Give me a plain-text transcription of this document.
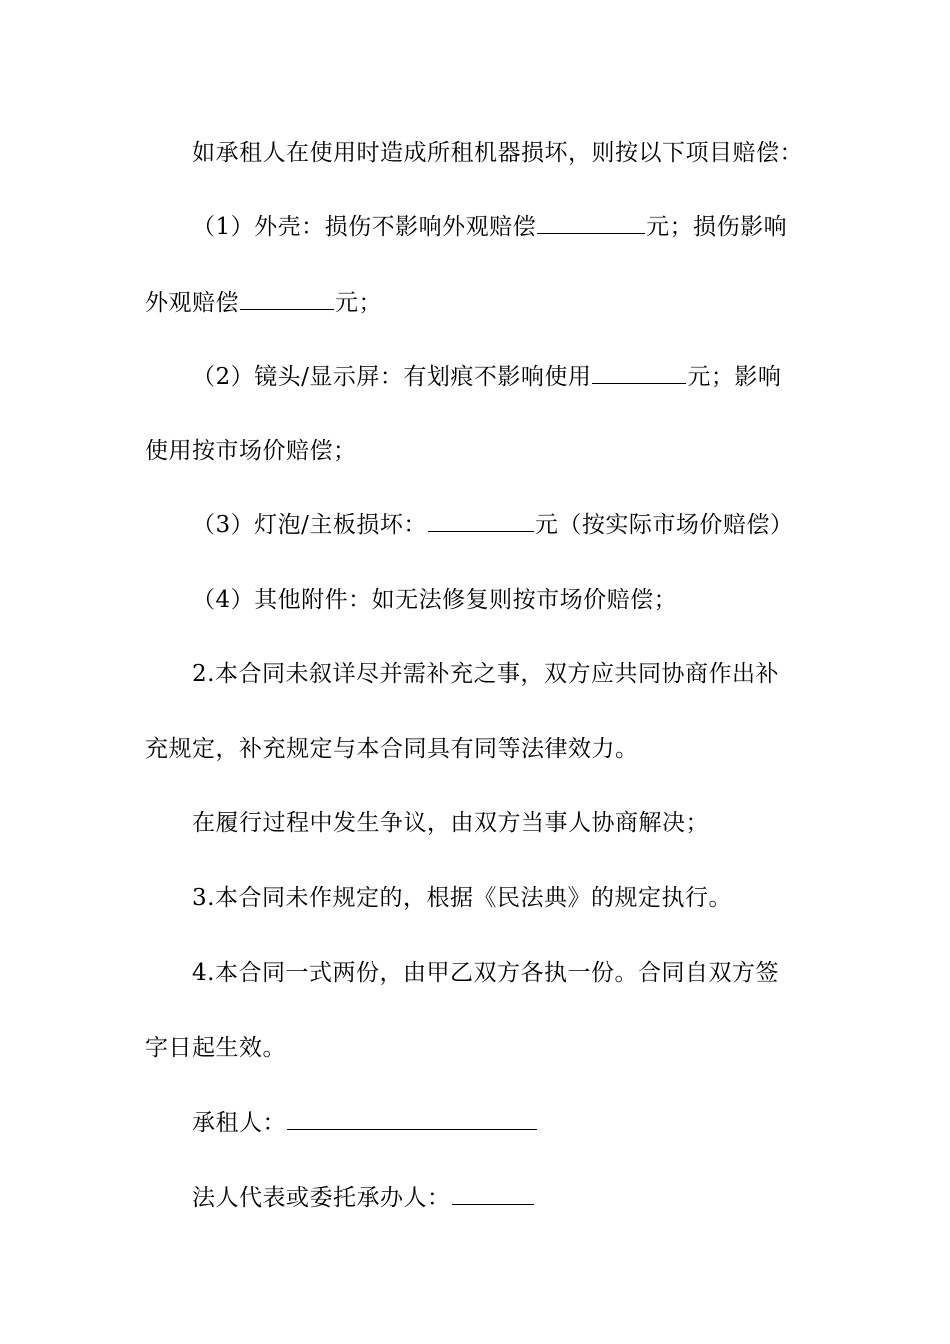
如承租人在使用时造成所租机器损坏，则按以下项目赔偿：
（1）外壳：损伤不影响外观赔偿	元；损伤影响
外观赔偿	元；
（2）镜头/显示屏：有划痕不影响使用	元；影响
使用按市场价赔偿；
（3）灯泡/主板损坏：	元（按实际市场价赔偿）
（4）其他附件：如无法修复则按市场价赔偿；
2.本合同未叙详尽并需补充之事，双方应共同协商作出补
充规定，补充规定与本合同具有同等法律效力。
在履行过程中发生争议，由双方当事人协商解决；
3.本合同未作规定的，根据《民法典》的规定执行。
4.本合同一式两份，由甲乙双方各执一份。合同自双方签
字日起生效。
承租人：
法人代表或委托承办人：
